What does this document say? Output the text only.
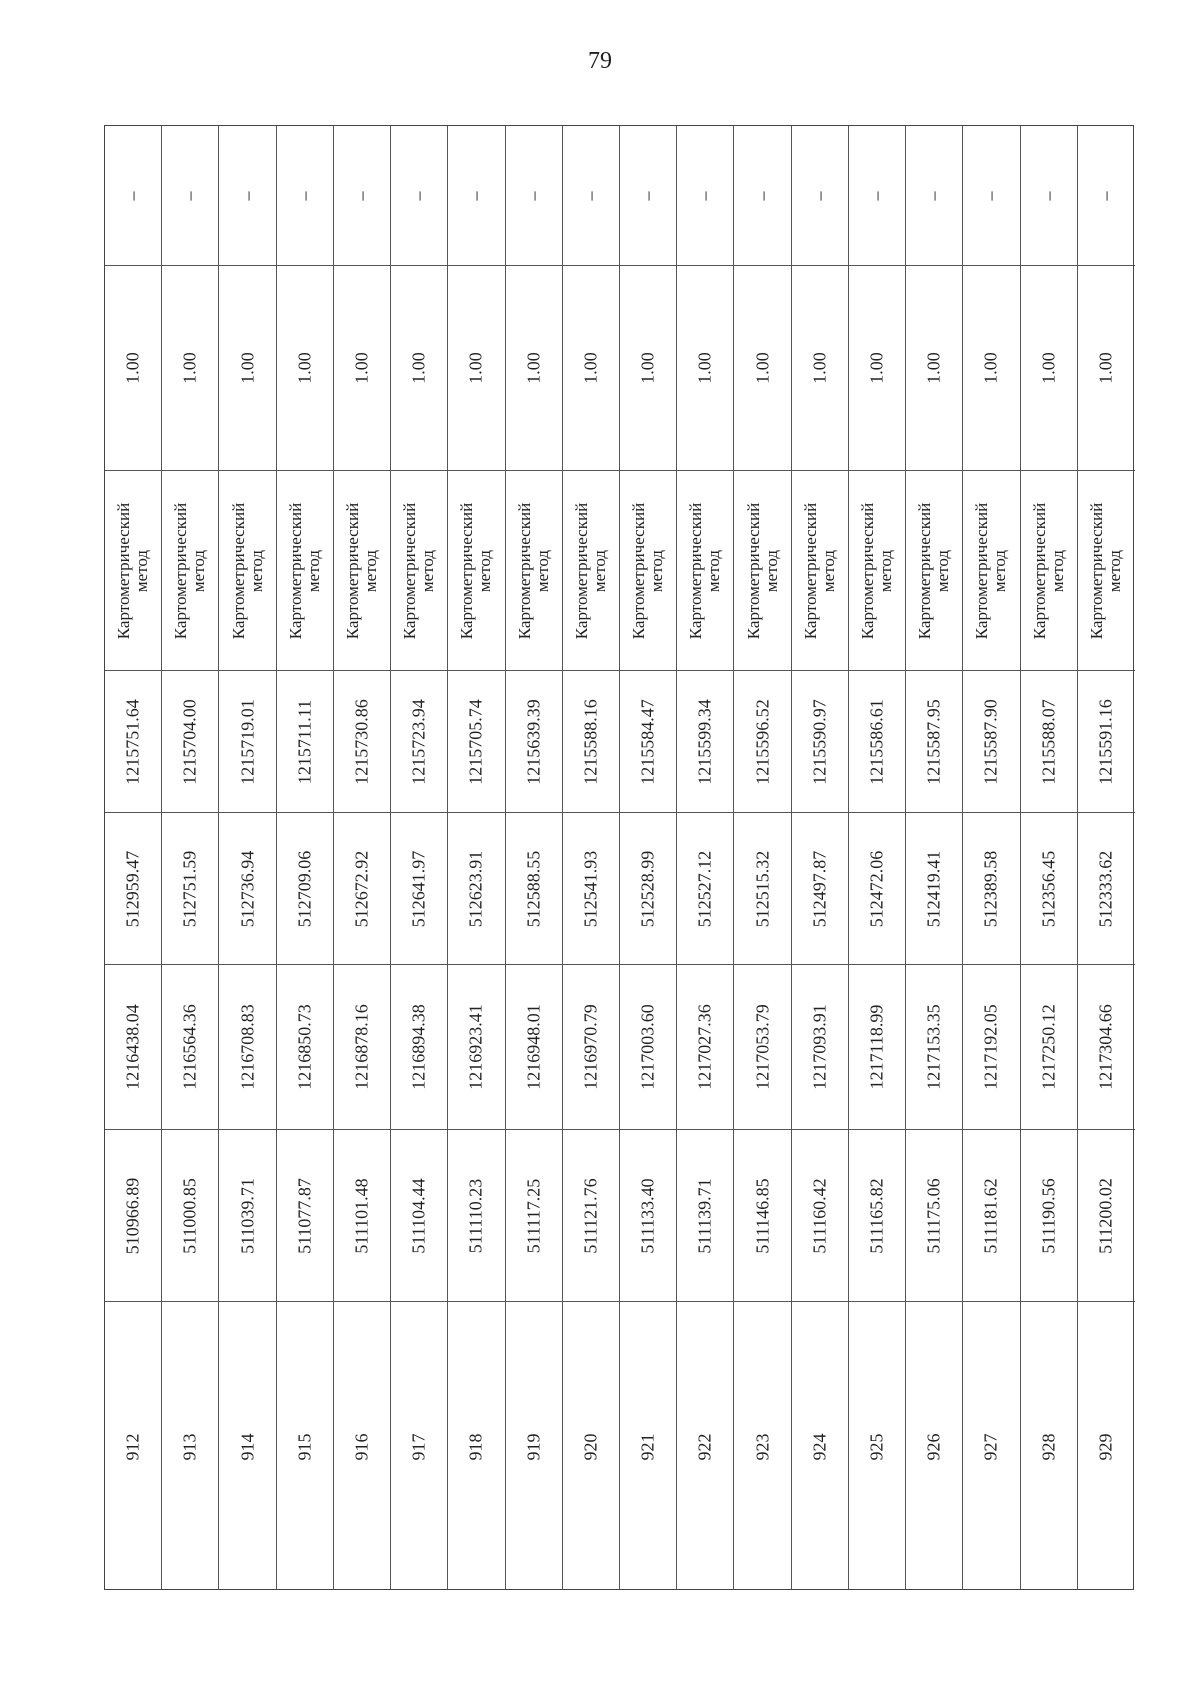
79
–
1.00
Картометрический метод
1215751.64
512959.47
1216438.04
510966.89
912
–
1.00
Картометрический метод
1215704.00
512751.59
1216564.36
511000.85
913
–
1.00
Картометрический метод
1215719.01
512736.94
1216708.83
511039.71
914
–
1.00
Картометрический метод
1215711.11
512709.06
1216850.73
511077.87
915
–
1.00
Картометрический метод
1215730.86
512672.92
1216878.16
511101.48
916
–
1.00
Картометрический метод
1215723.94
512641.97
1216894.38
511104.44
917
–
1.00
Картометрический метод
1215705.74
512623.91
1216923.41
511110.23
918
–
1.00
Картометрический метод
1215639.39
512588.55
1216948.01
511117.25
919
–
1.00
Картометрический метод
1215588.16
512541.93
1216970.79
511121.76
920
–
1.00
Картометрический метод
1215584.47
512528.99
1217003.60
511133.40
921
–
1.00
Картометрический метод
1215599.34
512527.12
1217027.36
511139.71
922
–
1.00
Картометрический метод
1215596.52
512515.32
1217053.79
511146.85
923
–
1.00
Картометрический метод
1215590.97
512497.87
1217093.91
511160.42
924
–
1.00
Картометрический метод
1215586.61
512472.06
1217118.99
511165.82
925
–
1.00
Картометрический метод
1215587.95
512419.41
1217153.35
511175.06
926
–
1.00
Картометрический метод
1215587.90
512389.58
1217192.05
511181.62
927
–
1.00
Картометрический метод
1215588.07
512356.45
1217250.12
511190.56
928
–
1.00
Картометрический метод
1215591.16
512333.62
1217304.66
511200.02
929
